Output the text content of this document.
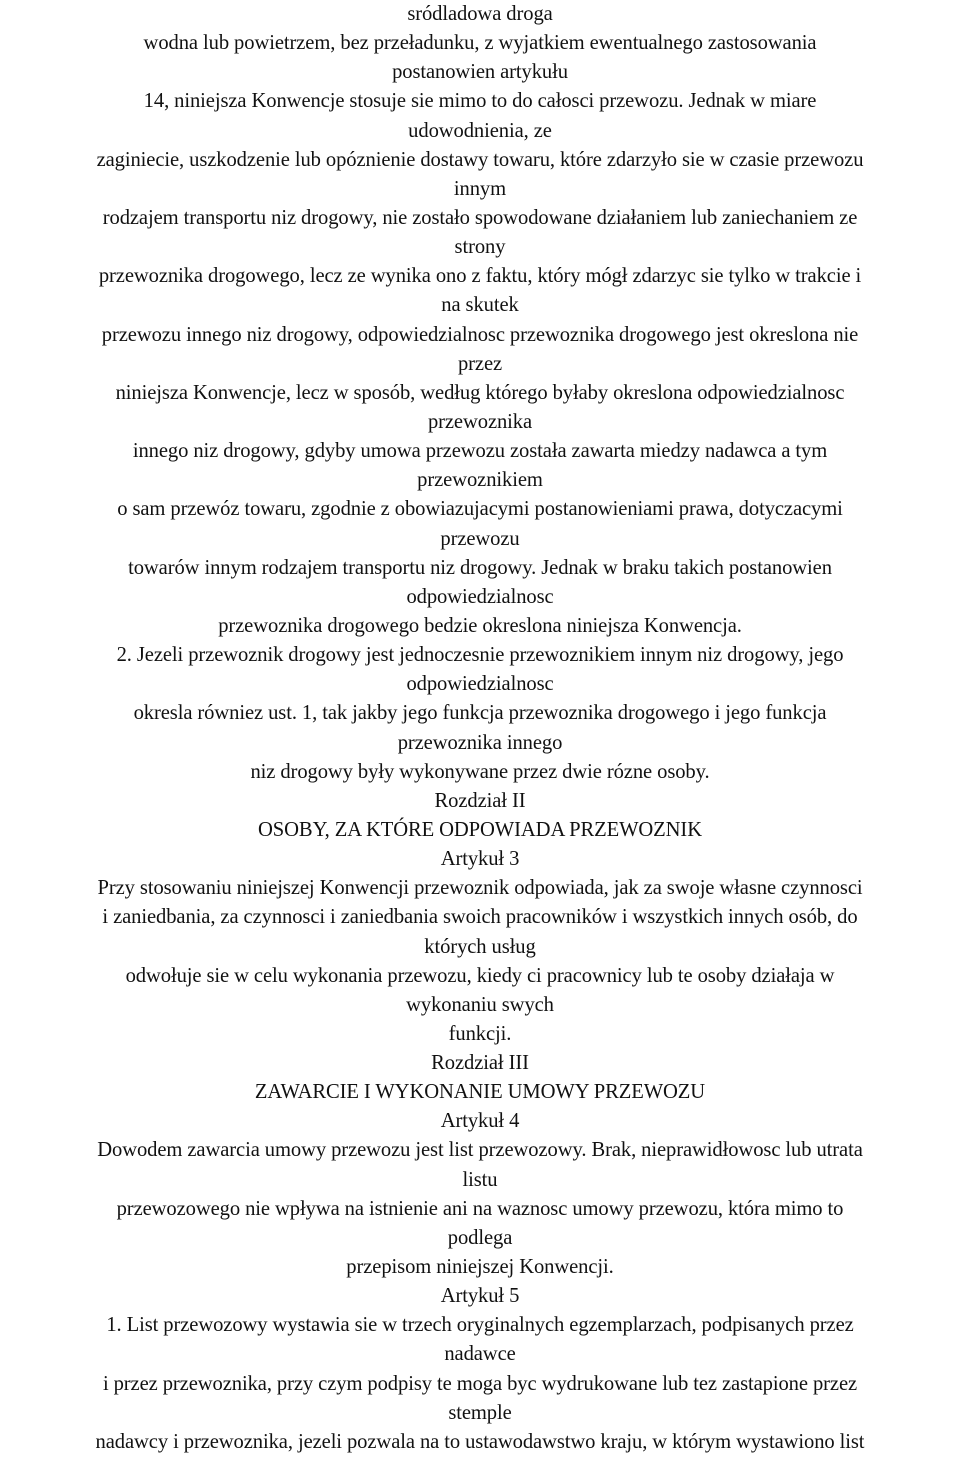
sródladowa droga
wodna lub powietrzem, bez przeładunku, z wyjatkiem ewentualnego zastosowania
postanowien artykułu
14, niniejsza Konwencje stosuje sie mimo to do całosci przewozu. Jednak w miare
udowodnienia, ze
zaginiecie, uszkodzenie lub opóznienie dostawy towaru, które zdarzyło sie w czasie przewozu
innym
rodzajem transportu niz drogowy, nie zostało spowodowane działaniem lub zaniechaniem ze
strony
przewoznika drogowego, lecz ze wynika ono z faktu, który mógł zdarzyc sie tylko w trakcie i
na skutek
przewozu innego niz drogowy, odpowiedzialnosc przewoznika drogowego jest okreslona nie
przez
niniejsza Konwencje, lecz w sposób, według którego byłaby okreslona odpowiedzialnosc
przewoznika
innego niz drogowy, gdyby umowa przewozu została zawarta miedzy nadawca a tym
przewoznikiem
o sam przewóz towaru, zgodnie z obowiazujacymi postanowieniami prawa, dotyczacymi
przewozu
towarów innym rodzajem transportu niz drogowy. Jednak w braku takich postanowien
odpowiedzialnosc
przewoznika drogowego bedzie okreslona niniejsza Konwencja.
2. Jezeli przewoznik drogowy jest jednoczesnie przewoznikiem innym niz drogowy, jego
odpowiedzialnosc
okresla równiez ust. 1, tak jakby jego funkcja przewoznika drogowego i jego funkcja
przewoznika innego
niz drogowy były wykonywane przez dwie rózne osoby.
Rozdział II
OSOBY, ZA KTÓRE ODPOWIADA PRZEWOZNIK
Artykuł 3
Przy stosowaniu niniejszej Konwencji przewoznik odpowiada, jak za swoje własne czynnosci
i zaniedbania, za czynnosci i zaniedbania swoich pracowników i wszystkich innych osób, do
których usług
odwołuje sie w celu wykonania przewozu, kiedy ci pracownicy lub te osoby działaja w
wykonaniu swych
funkcji.
Rozdział III
ZAWARCIE I WYKONANIE UMOWY PRZEWOZU
Artykuł 4
Dowodem zawarcia umowy przewozu jest list przewozowy. Brak, nieprawidłowosc lub utrata
listu
przewozowego nie wpływa na istnienie ani na waznosc umowy przewozu, która mimo to
podlega
przepisom niniejszej Konwencji.
Artykuł 5
1. List przewozowy wystawia sie w trzech oryginalnych egzemplarzach, podpisanych przez
nadawce
i przez przewoznika, przy czym podpisy te moga byc wydrukowane lub tez zastapione przez
stemple
nadawcy i przewoznika, jezeli pozwala na to ustawodawstwo kraju, w którym wystawiono list
